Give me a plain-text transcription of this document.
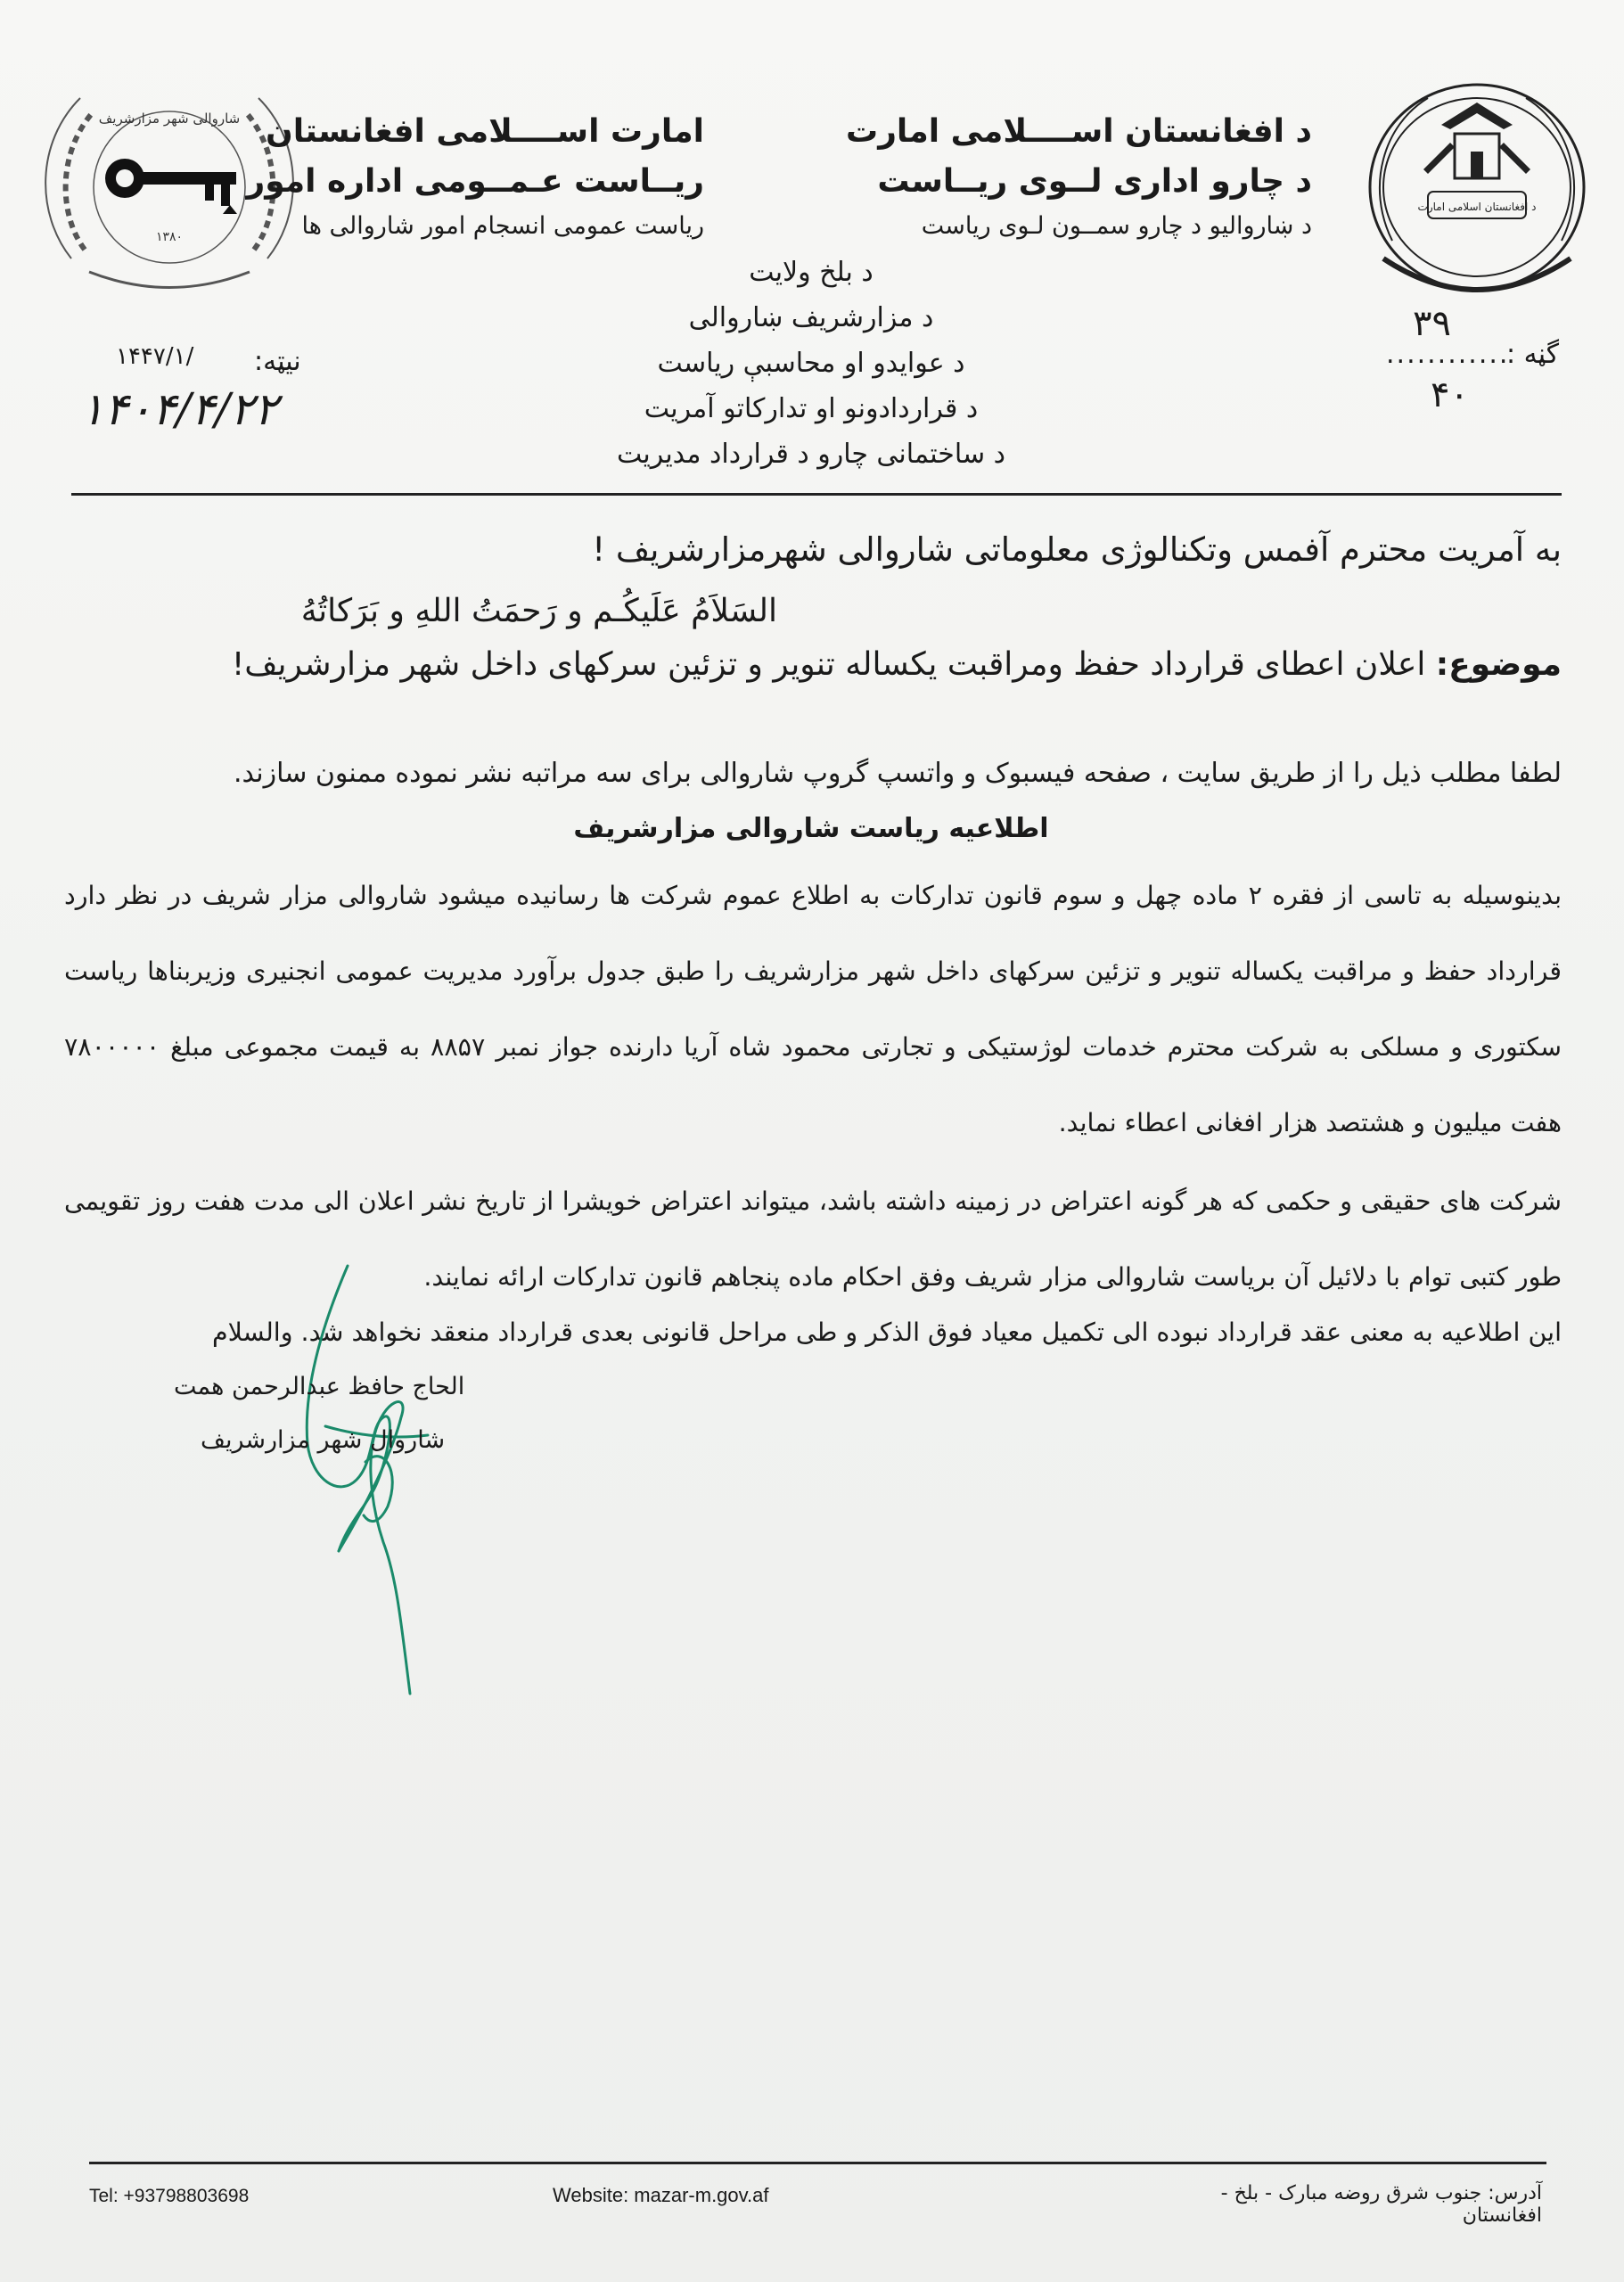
شاروالی شهر مزارشریف
۱۳۸۰
د افغانستان اسلامی امارت
د افغانستان اســــلامی امارت
د چارو اداری لــوی ریــاست
د ښاروالیو د چارو سمــون لـوی ریاست
امارت اســــلامی افغانستان
ریــاست عـمــومی اداره امور
ریاست عمومی انسجام امور شاروالی ها
د بلخ ولایت
د مزارشریف ښاروالی
د عوایدو او محاسبې ریاست
د قراردادونو او تدارکاتو آمریت
د ساختمانی چارو د قرارداد مدیریت
گڼه :
............
۳۹
۴۰
نیټه:
۱۴۴۷/۱/
۱۴۰۴/۴/۲۲
به آمریت محترم آفمس وتکنالوژی معلوماتی شاروالی شهرمزارشریف !
السَلاَمُ عَلَيكُـم و رَحمَتُ اللهِ و بَرَكاتُهُ
موضوع: اعلان اعطای قرارداد حفظ ومراقبت یکساله تنویر و تزئین سرکهای داخل شهر مزارشریف!
لطفا مطلب ذیل را از طریق سایت ، صفحه فیسبوک و واتسپ گروپ شاروالی برای سه مراتبه نشر نموده ممنون سازند.
اطلاعیه ریاست شاروالی مزارشریف
بدینوسیله به تاسی از فقره ۲ ماده چهل و سوم قانون تدارکات به اطلاع عموم شرکت ها رسانیده میشود شاروالی مزار شریف در نظر دارد قرارداد حفظ و مراقبت یکساله تنویر و تزئین سرکهای داخل شهر مزارشریف را طبق جدول برآورد مدیریت عمومی انجنیری وزیربناها ریاست سکتوری و مسلکی به شرکت محترم خدمات لوژستیکی و تجارتی محمود شاه آریا دارنده جواز نمبر ۸۸۵۷ به قیمت مجموعی مبلغ ۷۸۰۰۰۰۰ هفت میلیون و هشتصد هزار افغانی اعطاء نماید.
شرکت های حقیقی و حکمی که هر گونه اعتراض در زمینه داشته باشد، میتواند اعتراض خویشرا از تاریخ نشر اعلان الی مدت هفت روز تقویمی طور کتبی توام با دلائیل آن بریاست شاروالی مزار شریف وفق احکام ماده پنجاهم قانون تدارکات ارائه نمایند.
این اطلاعیه به معنی عقد قرارداد نبوده الی تکمیل معیاد فوق الذکر و طی مراحل قانونی بعدی قرارداد منعقد نخواهد شد. والسلام
الحاج حافظ عبدالرحمن همت
شاروال شهر مزارشریف
Tel: +93798803698	Website: mazar-m.gov.af	آدرس: جنوب شرق روضه مبارک - بلخ - افغانستان
